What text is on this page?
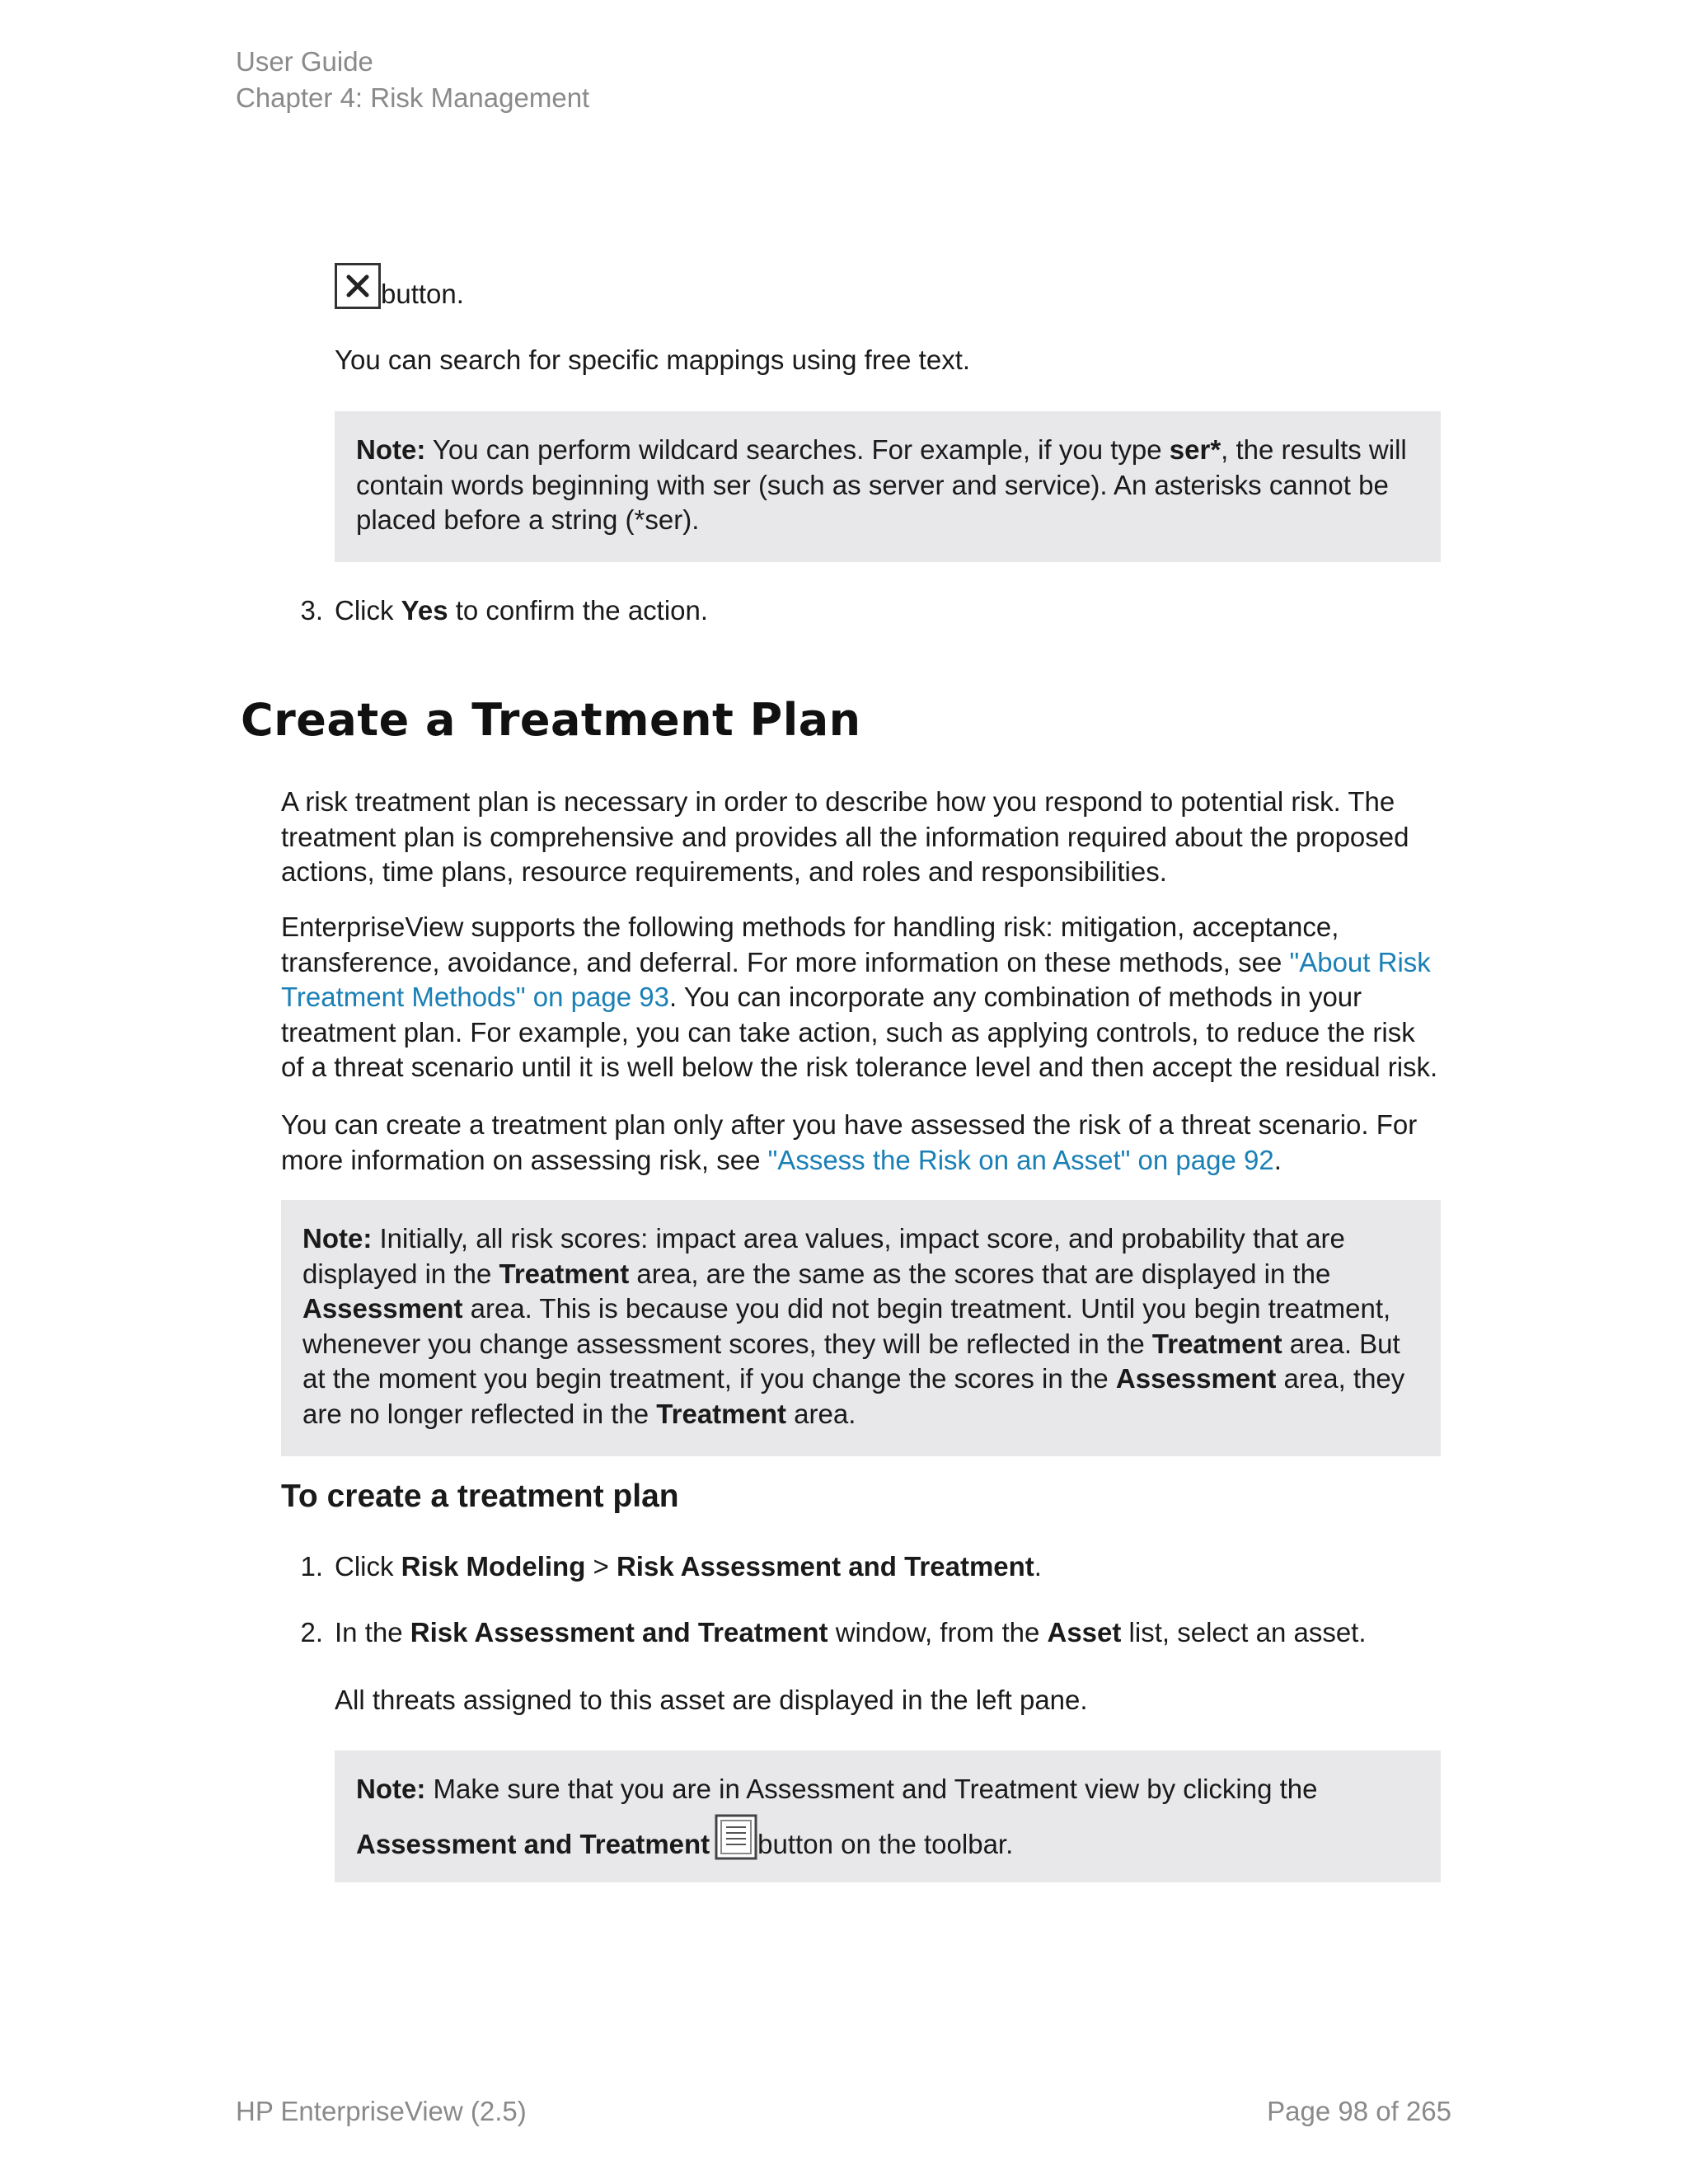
User Guide
Chapter 4: Risk Management
button.
You can search for specific mappings using free text.
Note: You can perform wildcard searches. For example, if you type ser*, the results will contain words beginning with ser (such as server and service). An asterisks cannot be placed before a string (*ser).
3. Click Yes to confirm the action.
Create a Treatment Plan
A risk treatment plan is necessary in order to describe how you respond to potential risk. The treatment plan is comprehensive and provides all the information required about the proposed actions, time plans, resource requirements, and roles and responsibilities.
EnterpriseView supports the following methods for handling risk: mitigation, acceptance, transference, avoidance, and deferral. For more information on these methods, see "About Risk Treatment Methods" on page 93. You can incorporate any combination of methods in your treatment plan. For example, you can take action, such as applying controls, to reduce the risk of a threat scenario until it is well below the risk tolerance level and then accept the residual risk.
You can create a treatment plan only after you have assessed the risk of a threat scenario. For more information on assessing risk, see "Assess the Risk on an Asset" on page 92.
Note: Initially, all risk scores: impact area values, impact score, and probability that are displayed in the Treatment area, are the same as the scores that are displayed in the Assessment area. This is because you did not begin treatment. Until you begin treatment, whenever you change assessment scores, they will be reflected in the Treatment area. But at the moment you begin treatment, if you change the scores in the Assessment area, they are no longer reflected in the Treatment area.
To create a treatment plan
1. Click Risk Modeling > Risk Assessment and Treatment.
2. In the Risk Assessment and Treatment window, from the Asset list, select an asset.
All threats assigned to this asset are displayed in the left pane.
Note: Make sure that you are in Assessment and Treatment view by clicking the
Assessment and Treatment button on the toolbar.
HP EnterpriseView (2.5)	Page 98 of 265
